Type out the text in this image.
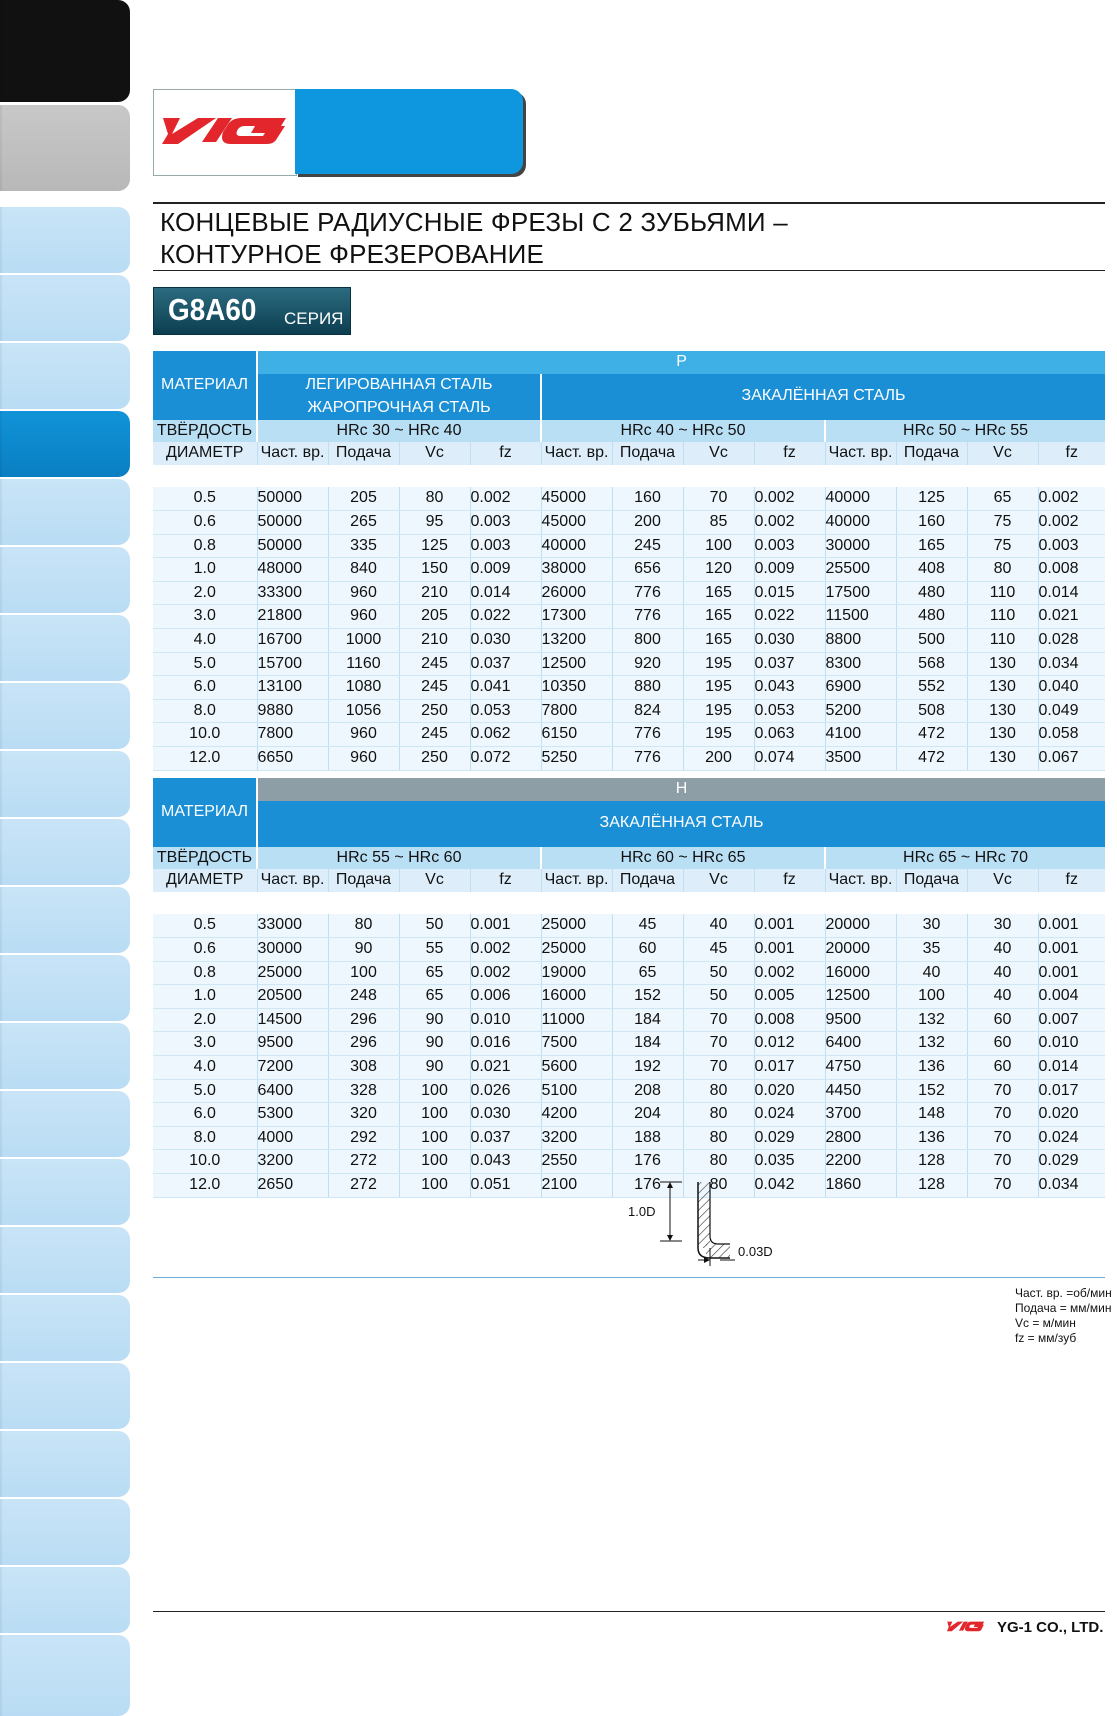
КОНЦЕВЫЕ РАДИУСНЫЕ ФРЕЗЫ С 2 ЗУБЬЯМИ –
КОНТУРНОЕ ФРЕЗЕРОВАНИЕ
G8A60 СЕРИЯ
МАТЕРИАЛ	P											

	ЛЕГИРОВАННАЯ СТАЛЬ
ЖАРОПРОЧНАЯ СТАЛЬ				ЗАКАЛЁННАЯ СТАЛЬ							
ТВЁРДОСТЬ	HRc 30 ~ HRc 40				HRc 40 ~ HRc 50				HRc 50 ~ HRc 55			
ДИАМЕТР	Част. вр.	Подача	Vc	fz	Част. вр.	Подача	Vc	fz	Част. вр.	Подача	Vc	fz

0.5	50000	205	80	0.002	45000	160	70	0.002	40000	125	65	0.002
0.6	50000	265	95	0.003	45000	200	85	0.002	40000	160	75	0.002
0.8	50000	335	125	0.003	40000	245	100	0.003	30000	165	75	0.003
1.0	48000	840	150	0.009	38000	656	120	0.009	25500	408	80	0.008
2.0	33300	960	210	0.014	26000	776	165	0.015	17500	480	110	0.014
3.0	21800	960	205	0.022	17300	776	165	0.022	11500	480	110	0.021
4.0	16700	1000	210	0.030	13200	800	165	0.030	8800	500	110	0.028
5.0	15700	1160	245	0.037	12500	920	195	0.037	8300	568	130	0.034
6.0	13100	1080	245	0.041	10350	880	195	0.043	6900	552	130	0.040
8.0	9880	1056	250	0.053	7800	824	195	0.053	5200	508	130	0.049
10.0	7800	960	245	0.062	6150	776	195	0.063	4100	472	130	0.058
12.0	6650	960	250	0.072	5250	776	200	0.074	3500	472	130	0.067
МАТЕРИАЛ	H											
	ЗАКАЛЁННАЯ СТАЛЬ											
ТВЁРДОСТЬ	HRc 55 ~ HRc 60				HRc 60 ~ HRc 65				HRc 65 ~ HRc 70			
ДИАМЕТР	Част. вр.	Подача	Vc	fz	Част. вр.	Подача	Vc	fz	Част. вр.	Подача	Vc	fz

0.5	33000	80	50	0.001	25000	45	40	0.001	20000	30	30	0.001
0.6	30000	90	55	0.002	25000	60	45	0.001	20000	35	40	0.001
0.8	25000	100	65	0.002	19000	65	50	0.002	16000	40	40	0.001
1.0	20500	248	65	0.006	16000	152	50	0.005	12500	100	40	0.004
2.0	14500	296	90	0.010	11000	184	70	0.008	9500	132	60	0.007
3.0	9500	296	90	0.016	7500	184	70	0.012	6400	132	60	0.010
4.0	7200	308	90	0.021	5600	192	70	0.017	4750	136	60	0.014
5.0	6400	328	100	0.026	5100	208	80	0.020	4450	152	70	0.017
6.0	5300	320	100	0.030	4200	204	80	0.024	3700	148	70	0.020
8.0	4000	292	100	0.037	3200	188	80	0.029	2800	136	70	0.024
10.0	3200	272	100	0.043	2550	176	80	0.035	2200	128	70	0.029
12.0	2650	272	100	0.051	2100	176	80	0.042	1860	128	70	0.034
1.0D
0.03D
Част. вр. =об/мин
Подача = мм/мин
Vc = м/мин
fz = мм/зуб
YG-1 CO., LTD.
